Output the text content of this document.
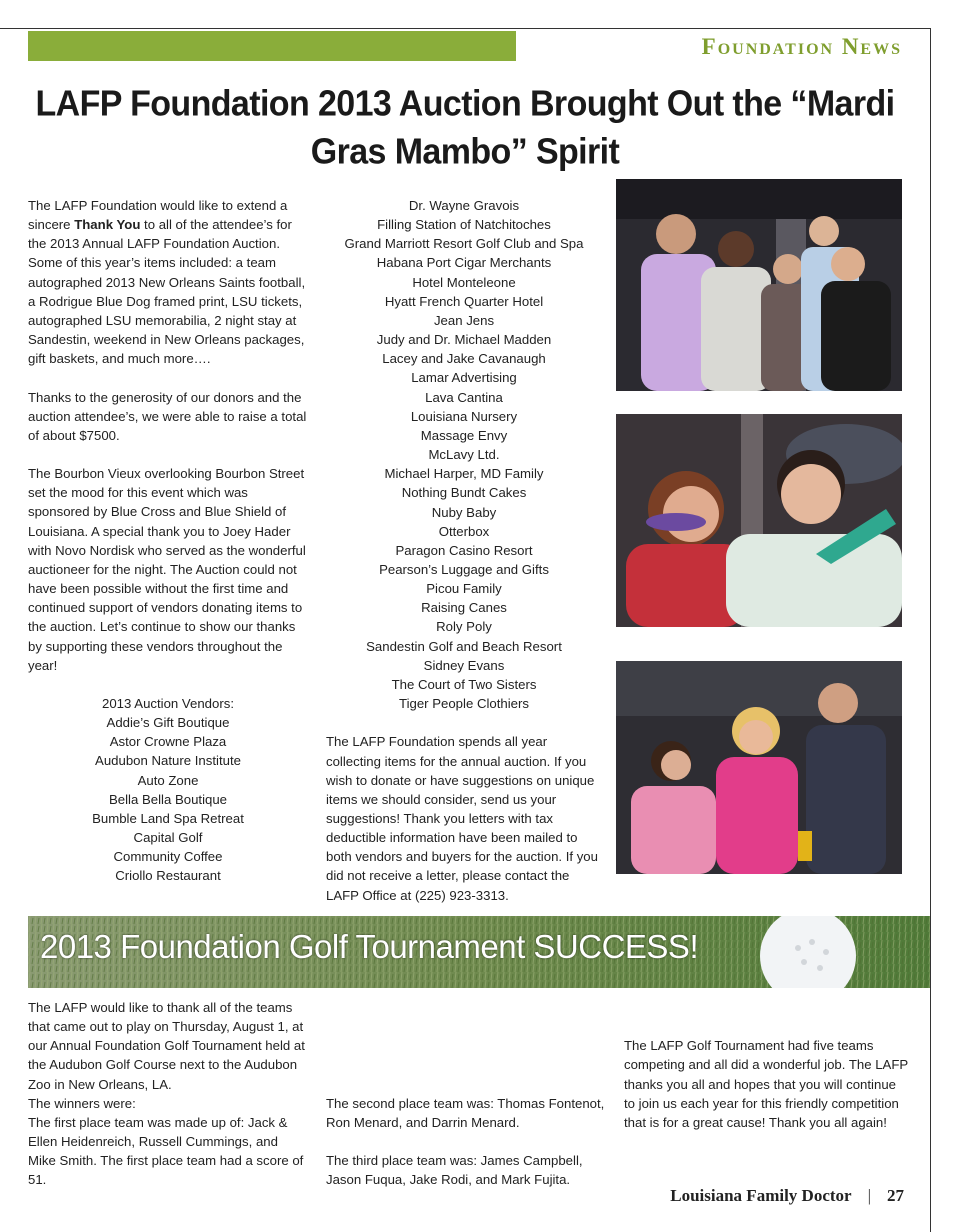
Foundation News
LAFP Foundation 2013 Auction Brought Out the “Mardi Gras Mambo” Spirit

The LAFP Foundation would like to extend a sincere Thank You to all of the attendee’s for the 2013 Annual LAFP Foundation Auction. Some of this year’s items included: a team autographed 2013 New Orleans Saints football, a Rodrigue Blue Dog framed print, LSU tickets, autographed LSU memorabilia, 2 night stay at Sandestin, weekend in New Orleans packages, gift baskets, and much more….

Thanks to the generosity of our donors and the auction attendee’s, we were able to raise a total of about $7500.

The Bourbon Vieux overlooking Bourbon Street set the mood for this event which was sponsored by Blue Cross and Blue Shield of Louisiana. A special thank you to Joey Hader with Novo Nordisk who served as the wonderful auctioneer for the night. The Auction could not have been possible without the first time and continued support of vendors donating items to the auction. Let’s continue to show our thanks by supporting these vendors throughout the year!

2013 Auction Vendors:
Addie’s Gift Boutique
Astor Crowne Plaza
Audubon Nature Institute
Auto Zone
Bella Bella Boutique
Bumble Land Spa Retreat
Capital Golf
Community Coffee
Criollo Restaurant
Dr. Wayne Gravois
Filling Station of Natchitoches
Grand Marriott Resort Golf Club and Spa
Habana Port Cigar Merchants
Hotel Monteleone
Hyatt French Quarter Hotel
Jean Jens
Judy and Dr. Michael Madden
Lacey and Jake Cavanaugh
Lamar Advertising
Lava Cantina
Louisiana Nursery
Massage Envy
McLavy Ltd.
Michael Harper, MD Family
Nothing Bundt Cakes
Nuby Baby
Otterbox
Paragon Casino Resort
Pearson’s Luggage and Gifts
Picou Family
Raising Canes
Roly Poly
Sandestin Golf and Beach Resort
Sidney Evans
The Court of Two Sisters
Tiger People Clothiers

The LAFP Foundation spends all year collecting items for the annual auction. If you wish to donate or have suggestions on unique items we should consider, send us your suggestions! Thank you letters with tax deductible information have been mailed to both vendors and buyers for the auction. If you did not receive a letter, please contact the LAFP Office at (225) 923-3313.

2013 Foundation Golf Tournament SUCCESS!
The LAFP would like to thank all of the teams that came out to play on Thursday, August 1, at our Annual Foundation Golf Tournament held at the Audubon Golf Course next to the Audubon Zoo in New Orleans, LA.
The winners were:
The first place team was made up of: Jack & Ellen Heidenreich, Russell Cummings, and Mike Smith. The first place team had a score of 51.

The second place team was: Thomas Fontenot, Ron Menard, and Darrin Menard.

The third place team was: James Campbell, Jason Fuqua, Jake Rodi, and Mark Fujita.

The LAFP Golf Tournament had five teams competing and all did a wonderful job. The LAFP thanks you all and hopes that you will continue to join us each year for this friendly competition that is for a great cause! Thank you all again!

Louisiana Family Doctor | 27
